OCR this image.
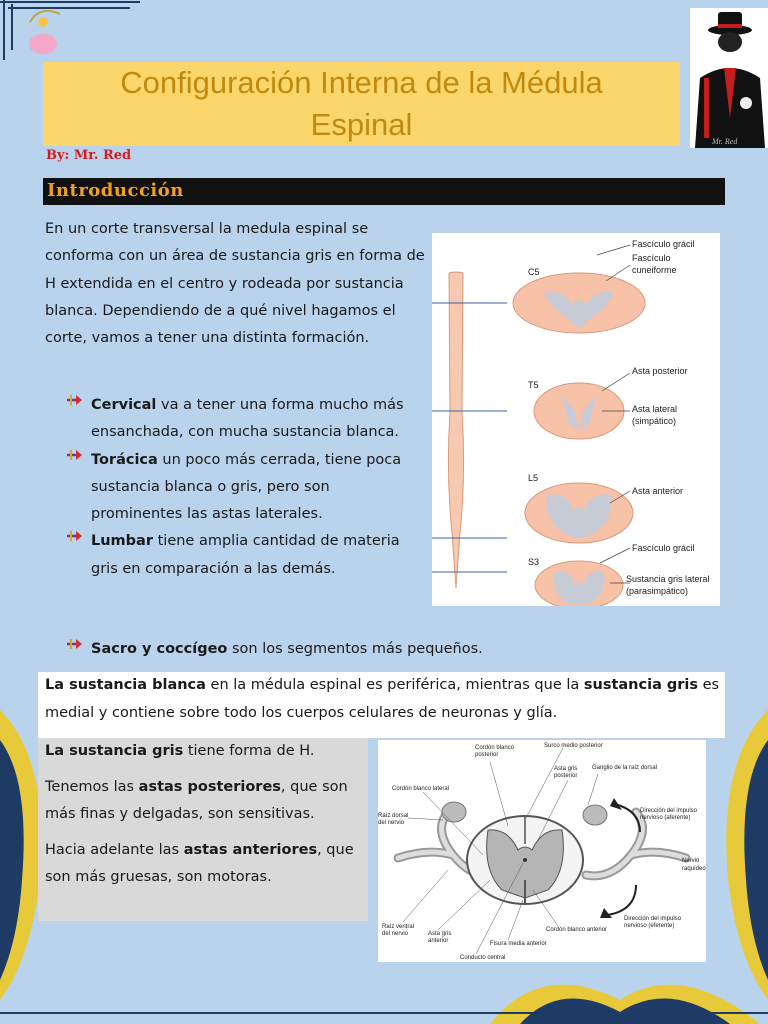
Mr. Red
Configuración Interna de la Médula Espinal
By: Mr. Red
Introducción
En un corte transversal la medula espinal se conforma con un área de sustancia gris en forma de H extendida en el centro y rodeada por sustancia blanca. Dependiendo de a qué nivel hagamos el corte, vamos a tener una distinta formación.
Cervical va a tener una forma mucho más ensanchada, con mucha sustancia blanca.
Torácica un poco más cerrada, tiene poca sustancia blanca o gris, pero son prominentes las astas laterales.
Lumbar tiene amplia cantidad de materia gris en comparación a las demás.
Sacro y coccígeo son los segmentos más pequeños.
C5
T5
L5
S3
Fascículo grácil
Fascículo
cuneiforme
Asta posterior
Asta lateral
(simpático)
Asta anterior
Fascículo grácil
Sustancia gris lateral
(parasimpático)
La sustancia blanca en la médula espinal es periférica, mientras que la sustancia gris es medial y contiene sobre todo los cuerpos celulares de neuronas y glía.

La sustancia gris tiene forma de H.

Tenemos las astas posteriores, que son más finas y delgadas, son sensitivas.

Hacia adelante las astas anteriores, que son más gruesas, son motoras.

Cordón blanco
posterior
Surco medio posterior
Asta gris
posterior
Ganglio de la raíz dorsal
Cordón blanco lateral
Raíz dorsal
del nervio
Dirección del impulso
nervioso (aferente)
Nervio
raquídeo
Raíz ventral
del nervio	Asta gris
anterior
Cordón blanco anterior
Dirección del impulso
nervioso (eferente)
Fisura media anterior
Conducto central
